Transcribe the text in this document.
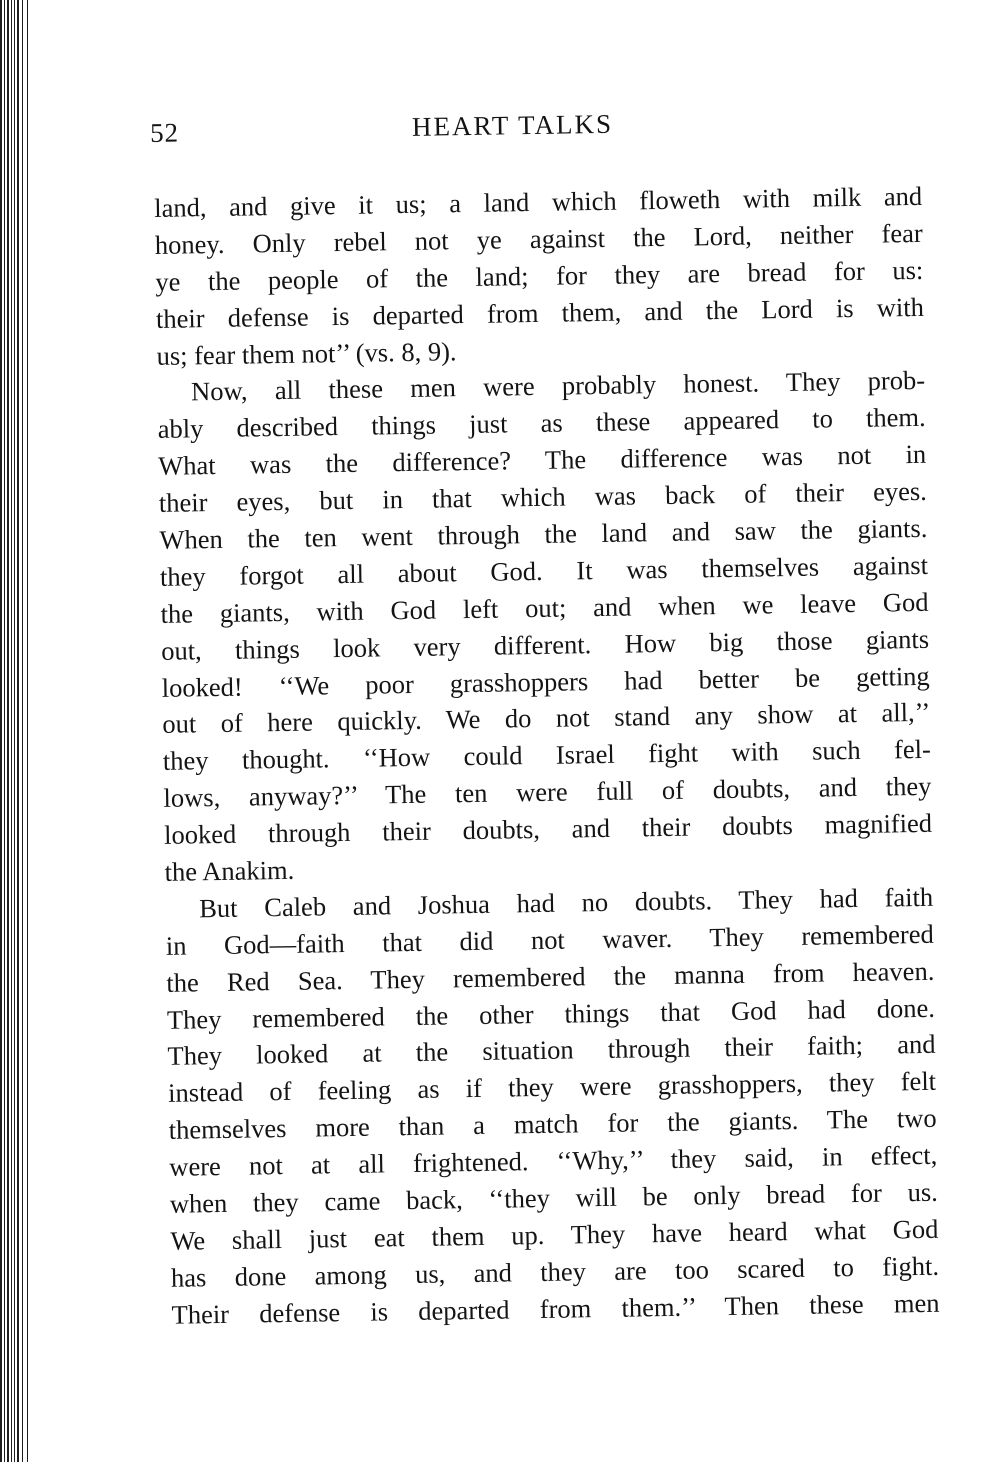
52	HEART TALKS
land, and give it us; a land which floweth with milk and
honey. Only rebel not ye against the Lord, neither fear
ye the people of the land; for they are bread for us:
their defense is departed from them, and the Lord is with
us; fear them not’’ (vs. 8, 9).
Now, all these men were probably honest. They prob-
ably described things just as these appeared to them.
What was the difference? The difference was not in
their eyes, but in that which was back of their eyes.
When the ten went through the land and saw the giants.
they forgot all about God. It was themselves against
the giants, with God left out; and when we leave God
out, things look very different. How big those giants
looked! ‘‘We poor grasshoppers had better be getting
out of here quickly. We do not stand any show at all,’’
they thought. ‘‘How could Israel fight with such fel-
lows, anyway?’’ The ten were full of doubts, and they
looked through their doubts, and their doubts magnified
the Anakim.
But Caleb and Joshua had no doubts. They had faith
in God—faith that did not waver. They remembered
the Red Sea. They remembered the manna from heaven.
They remembered the other things that God had done.
They looked at the situation through their faith; and
instead of feeling as if they were grasshoppers, they felt
themselves more than a match for the giants. The two
were not at all frightened. ‘‘Why,’’ they said, in effect,
when they came back, ‘‘they will be only bread for us.
We shall just eat them up. They have heard what God
has done among us, and they are too scared to fight.
Their defense is departed from them.’’ Then these men
